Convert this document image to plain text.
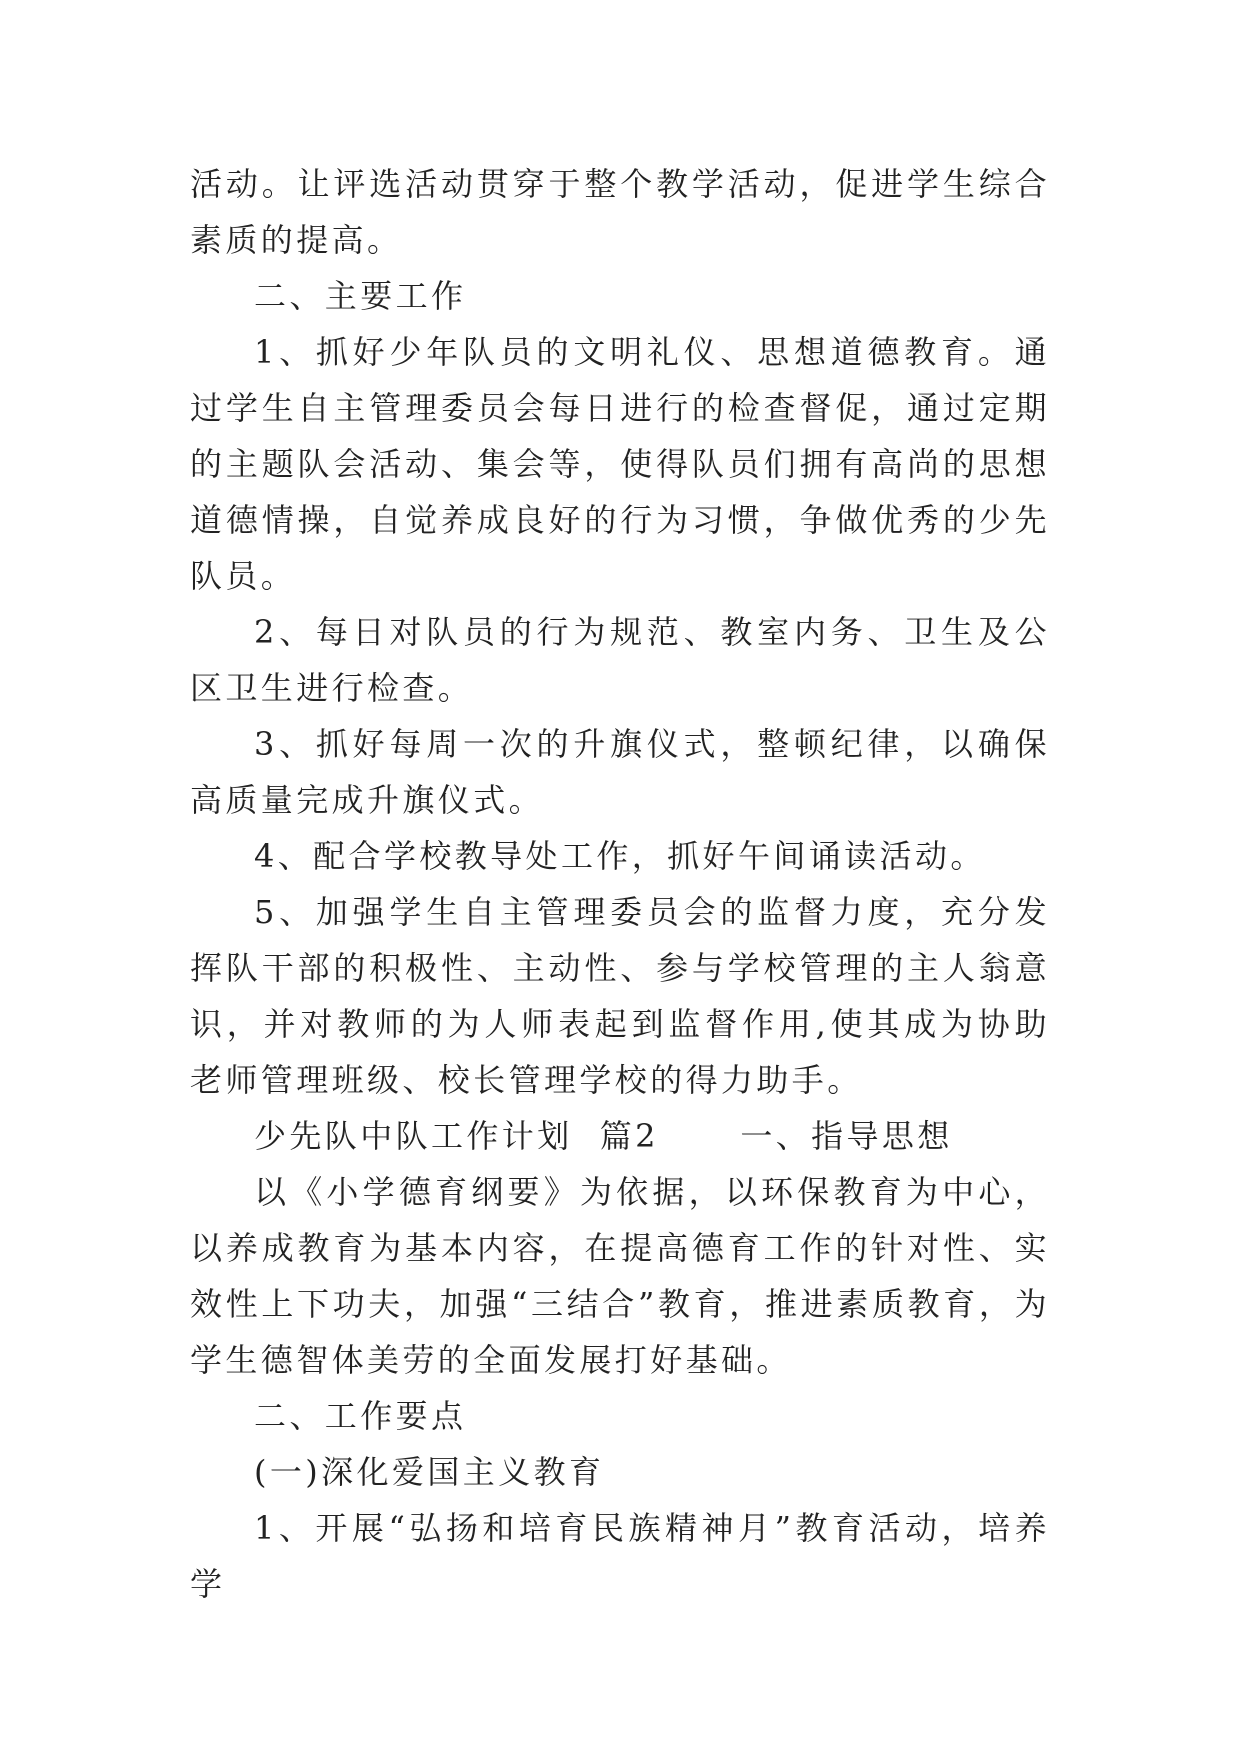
活动。让评选活动贯穿于整个教学活动，促进学生综合素质的提高。

二、主要工作

1、抓好少年队员的文明礼仪、思想道德教育。通过学生自主管理委员会每日进行的检查督促，通过定期的主题队会活动、集会等，使得队员们拥有高尚的思想道德情操，自觉养成良好的行为习惯，争做优秀的少先队员。

2、每日对队员的行为规范、教室内务、卫生及公区卫生进行检查。

3、抓好每周一次的升旗仪式，整顿纪律，以确保高质量完成升旗仪式。

4、配合学校教导处工作，抓好午间诵读活动。

5、加强学生自主管理委员会的监督力度，充分发挥队干部的积极性、主动性、参与学校管理的主人翁意识，并对教师的为人师表起到监督作用,使其成为协助老师管理班级、校长管理学校的得力助手。

少先队中队工作计划  篇2      一、指导思想

以《小学德育纲要》为依据，以环保教育为中心，以养成教育为基本内容，在提高德育工作的针对性、实效性上下功夫，加强“三结合”教育，推进素质教育，为学生德智体美劳的全面发展打好基础。

二、工作要点

(一)深化爱国主义教育

1、开展“弘扬和培育民族精神月”教育活动，培养学
